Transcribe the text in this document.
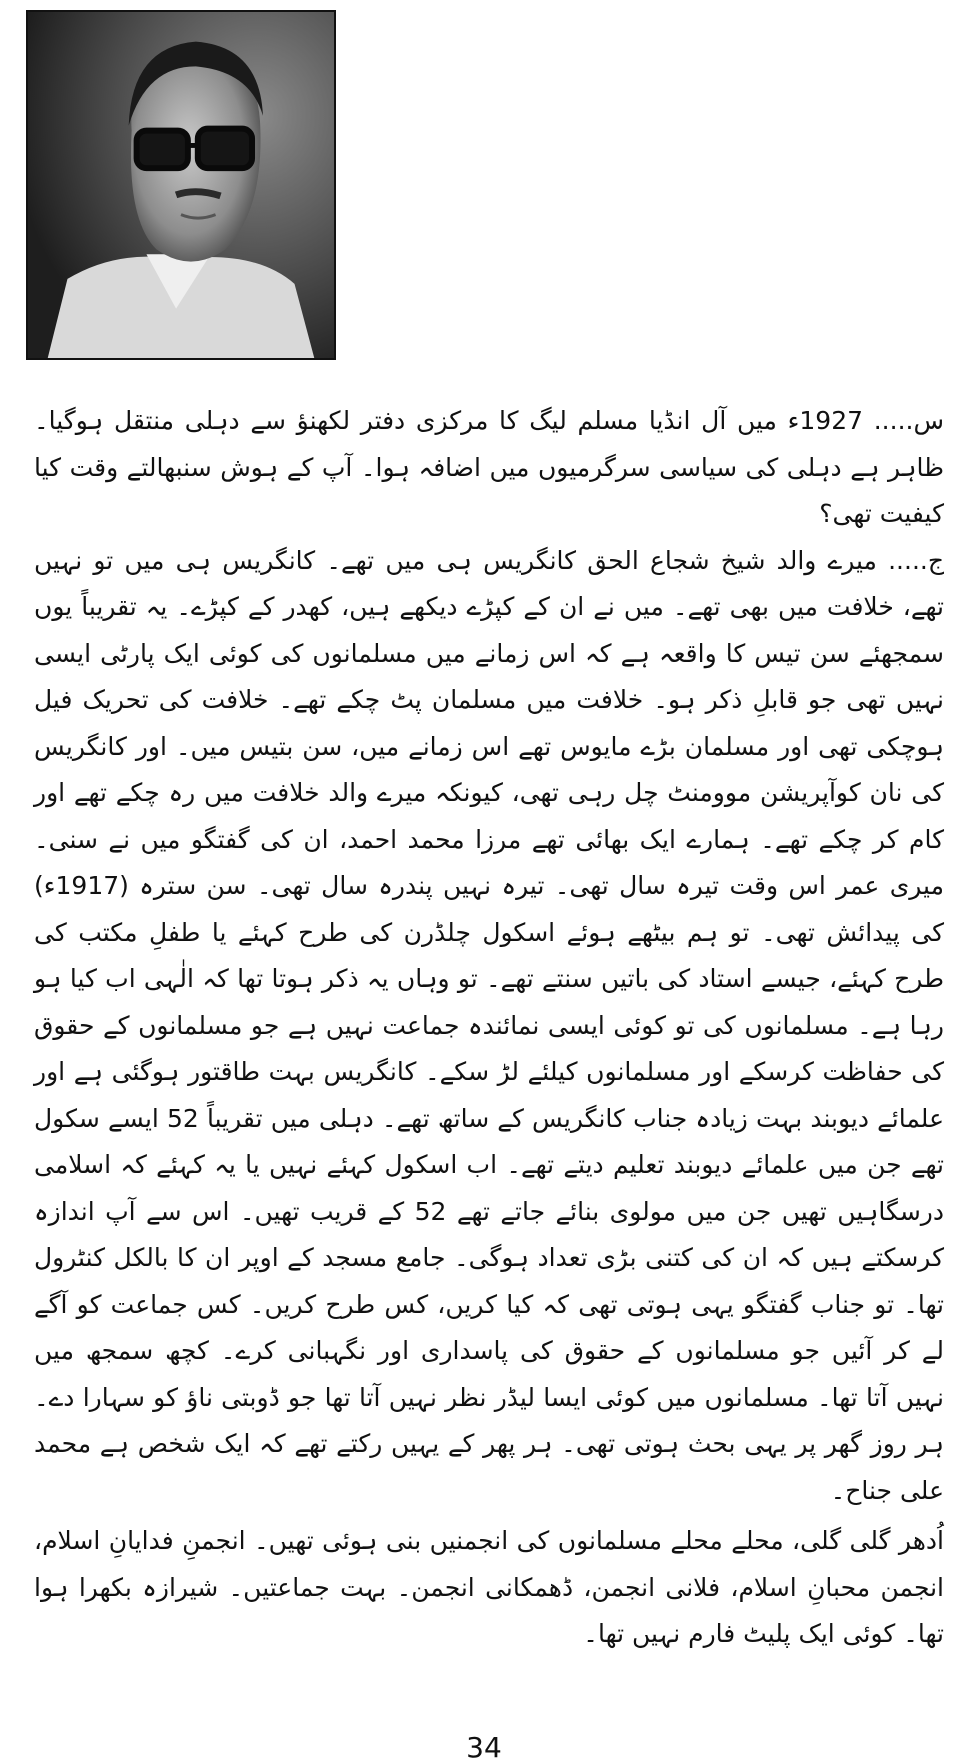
س..... 1927ء میں آل انڈیا مسلم لیگ کا مرکزی دفتر لکھنؤ سے دہلی منتقل ہوگیا۔ ظاہر ہے دہلی کی سیاسی سرگرمیوں میں اضافہ ہوا۔ آپ کے ہوش سنبھالتے وقت کیا کیفیت تھی؟

ج..... میرے والد شیخ شجاع الحق کانگریس ہی میں تھے۔ کانگریس ہی میں تو نہیں تھے، خلافت میں بھی تھے۔ میں نے ان کے کپڑے دیکھے ہیں، کھدر کے کپڑے۔ یہ تقریباً یوں سمجھئے سن تیس کا واقعہ ہے کہ اس زمانے میں مسلمانوں کی کوئی ایک پارٹی ایسی نہیں تھی جو قابلِ ذکر ہو۔ خلافت میں مسلمان پٹ چکے تھے۔ خلافت کی تحریک فیل ہوچکی تھی اور مسلمان بڑے مایوس تھے اس زمانے میں، سن بتیس میں۔ اور کانگریس کی نان کوآپریشن موومنٹ چل رہی تھی، کیونکہ میرے والد خلافت میں رہ چکے تھے اور کام کر چکے تھے۔ ہمارے ایک بھائی تھے مرزا محمد احمد، ان کی گفتگو میں نے سنی۔ میری عمر اس وقت تیرہ سال تھی۔ تیرہ نہیں پندرہ سال تھی۔ سن سترہ (1917ء) کی پیدائش تھی۔ تو ہم بیٹھے ہوئے اسکول چلڈرن کی طرح کہئے یا طفلِ مکتب کی طرح کہئے، جیسے استاد کی باتیں سنتے تھے۔ تو وہاں یہ ذکر ہوتا تھا کہ الٰہی اب کیا ہو رہا ہے۔ مسلمانوں کی تو کوئی ایسی نمائندہ جماعت نہیں ہے جو مسلمانوں کے حقوق کی حفاظت کرسکے اور مسلمانوں کیلئے لڑ سکے۔ کانگریس بہت طاقتور ہوگئی ہے اور علمائے دیوبند بہت زیادہ جناب کانگریس کے ساتھ تھے۔ دہلی میں تقریباً 52 ایسے سکول تھے جن میں علمائے دیوبند تعلیم دیتے تھے۔ اب اسکول کہئے نہیں یا یہ کہئے کہ اسلامی درسگاہیں تھیں جن میں مولوی بنائے جاتے تھے 52 کے قریب تھیں۔ اس سے آپ اندازہ کرسکتے ہیں کہ ان کی کتنی بڑی تعداد ہوگی۔ جامع مسجد کے اوپر ان کا بالکل کنٹرول تھا۔ تو جناب گفتگو یہی ہوتی تھی کہ کیا کریں، کس طرح کریں۔ کس جماعت کو آگے لے کر آئیں جو مسلمانوں کے حقوق کی پاسداری اور نگہبانی کرے۔ کچھ سمجھ میں نہیں آتا تھا۔ مسلمانوں میں کوئی ایسا لیڈر نظر نہیں آتا تھا جو ڈوبتی ناؤ کو سہارا دے۔ ہر روز گھر پر یہی بحث ہوتی تھی۔ ہر پھر کے یہیں رکتے تھے کہ ایک شخص ہے محمد علی جناح۔

اُدھر گلی گلی، محلے محلے مسلمانوں کی انجمنیں بنی ہوئی تھیں۔ انجمنِ فدایانِ اسلام، انجمن محبانِ اسلام، فلانی انجمن، ڈھمکانی انجمن۔ بہت جماعتیں۔ شیرازہ بکھرا ہوا تھا۔ کوئی ایک پلیٹ فارم نہیں تھا۔

34
